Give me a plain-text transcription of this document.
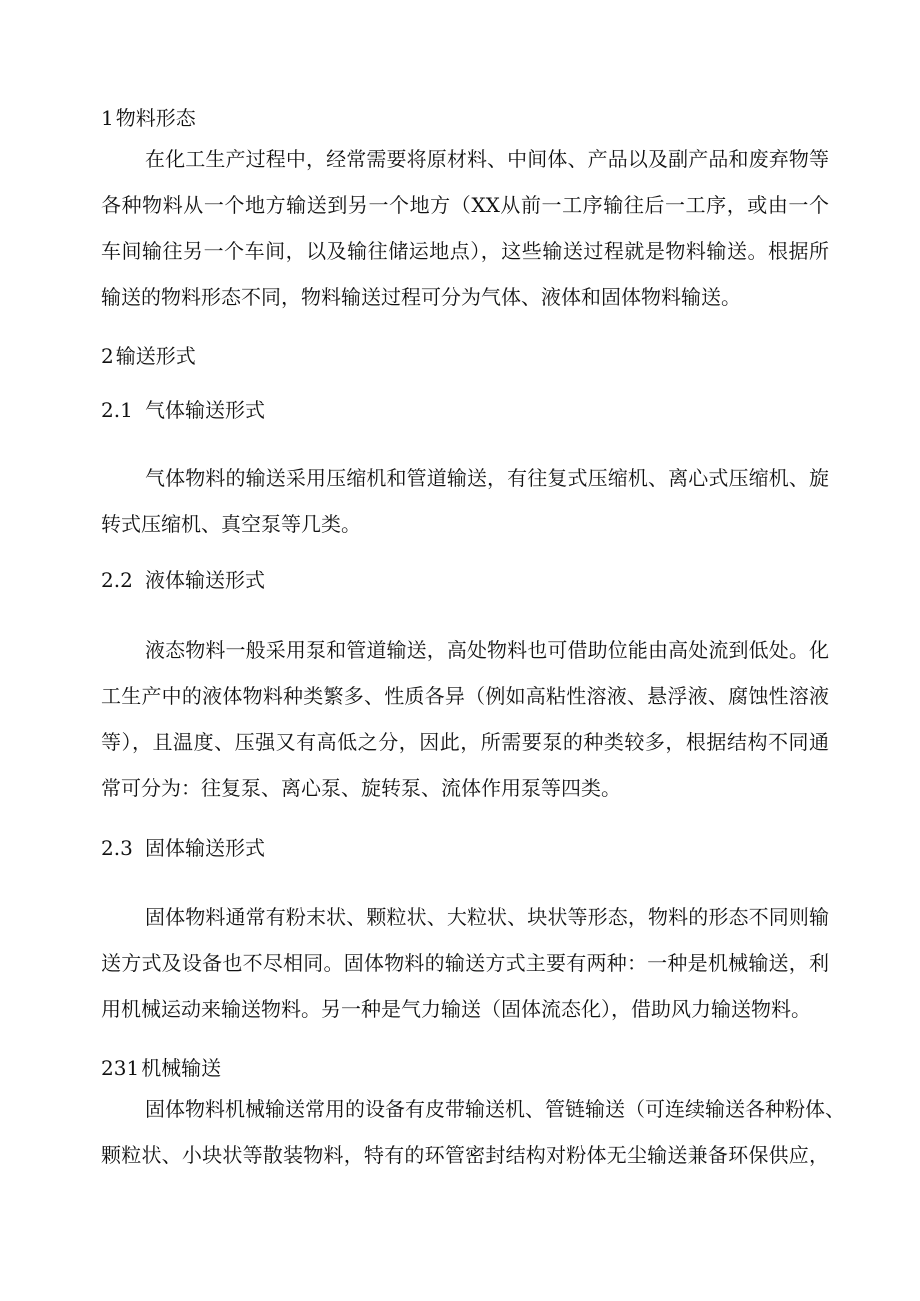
1 物料形态
在化工生产过程中，经常需要将原材料、中间体、产品以及副产品和废弃物等
各种物料从一个地方输送到另一个地方（XX从前一工序输往后一工序，或由一个
车间输往另一个车间，以及输往储运地点），这些输送过程就是物料输送。根据所
输送的物料形态不同，物料输送过程可分为气体、液体和固体物料输送。
2 输送形式
2.1 气体输送形式
气体物料的输送采用压缩机和管道输送，有往复式压缩机、离心式压缩机、旋
转式压缩机、真空泵等几类。
2.2 液体输送形式
液态物料一般采用泵和管道输送，高处物料也可借助位能由高处流到低处。化
工生产中的液体物料种类繁多、性质各异（例如高粘性溶液、悬浮液、腐蚀性溶液
等），且温度、压强又有高低之分，因此，所需要泵的种类较多，根据结构不同通
常可分为：往复泵、离心泵、旋转泵、流体作用泵等四类。
2.3 固体输送形式
固体物料通常有粉末状、颗粒状、大粒状、块状等形态，物料的形态不同则输
送方式及设备也不尽相同。固体物料的输送方式主要有两种：一种是机械输送，利
用机械运动来输送物料。另一种是气力输送（固体流态化），借助风力输送物料。
231 机械输送
固体物料机械输送常用的设备有皮带输送机、管链输送（可连续输送各种粉体、
颗粒状、小块状等散装物料，特有的环管密封结构对粉体无尘输送兼备环保供应，
